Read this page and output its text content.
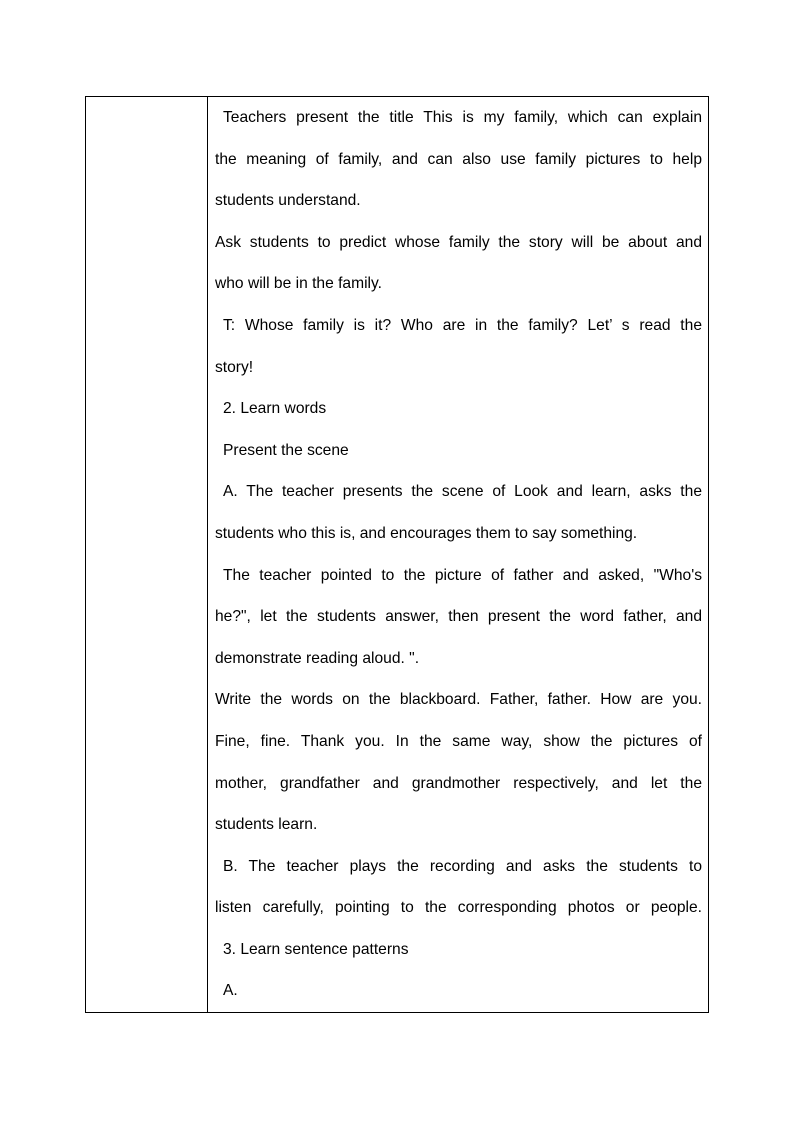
Teachers present the title This is my family, which can explain
the meaning of family, and can also use family pictures to help
students understand.
Ask students to predict whose family the story will be about and
who will be in the family.
T: Whose family is it? Who are in the family? Let’ s read the
story!
2. Learn words
Present the scene
A. The teacher presents the scene of Look and learn, asks the
students who this is, and encourages them to say something.
The teacher pointed to the picture of father and asked, "Who's
he?", let the students answer, then present the word father, and
demonstrate reading aloud. ".
Write the words on the blackboard. Father, father. How are you.
Fine, fine. Thank you. In the same way, show the pictures of
mother, grandfather and grandmother respectively, and let the
students learn.
B. The teacher plays the recording and asks the students to
listen carefully, pointing to the corresponding photos or people.
3. Learn sentence patterns
A.
